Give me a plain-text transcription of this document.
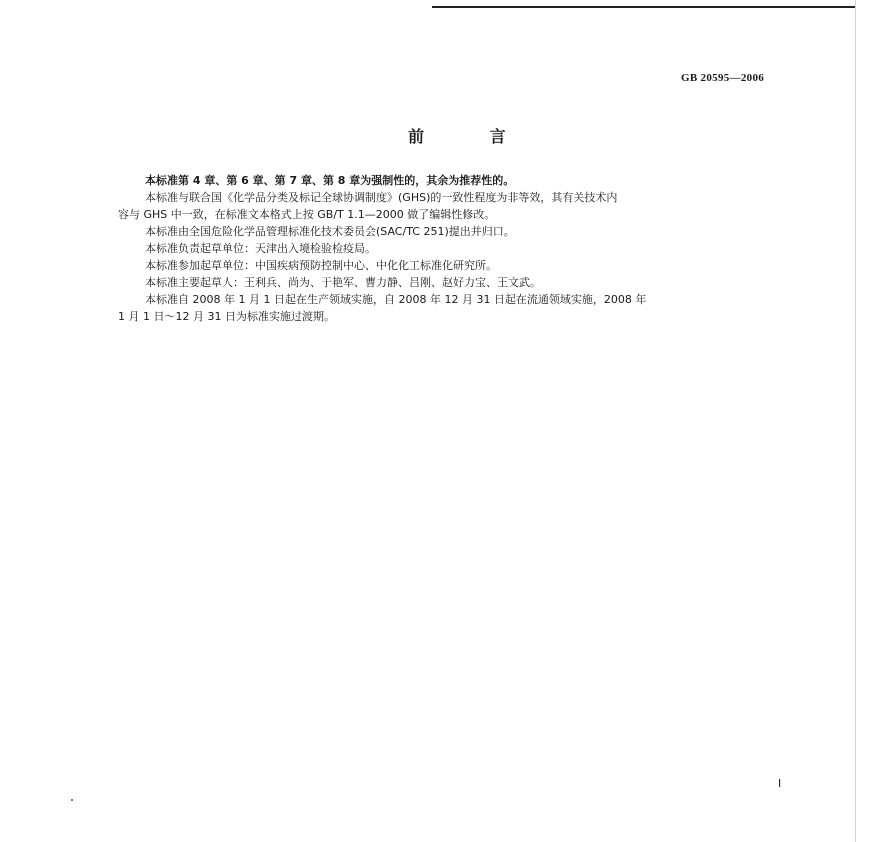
GB 20595—2006
前 言
本标准第 4 章、第 6 章、第 7 章、第 8 章为强制性的，其余为推荐性的。
本标准与联合国《化学品分类及标记全球协调制度》(GHS)的一致性程度为非等效，其有关技术内
容与 GHS 中一致，在标准文本格式上按 GB/T 1.1—2000 做了编辑性修改。
本标准由全国危险化学品管理标准化技术委员会(SAC/TC 251)提出并归口。
本标准负责起草单位：天津出入境检验检疫局。
本标准参加起草单位：中国疾病预防控制中心、中化化工标准化研究所。
本标准主要起草人：王利兵、尚为、于艳军、曹力静、吕刚、赵好力宝、王文武。
本标准自 2008 年 1 月 1 日起在生产领域实施，自 2008 年 12 月 31 日起在流通领域实施，2008 年
1 月 1 日～12 月 31 日为标准实施过渡期。
Ⅰ
